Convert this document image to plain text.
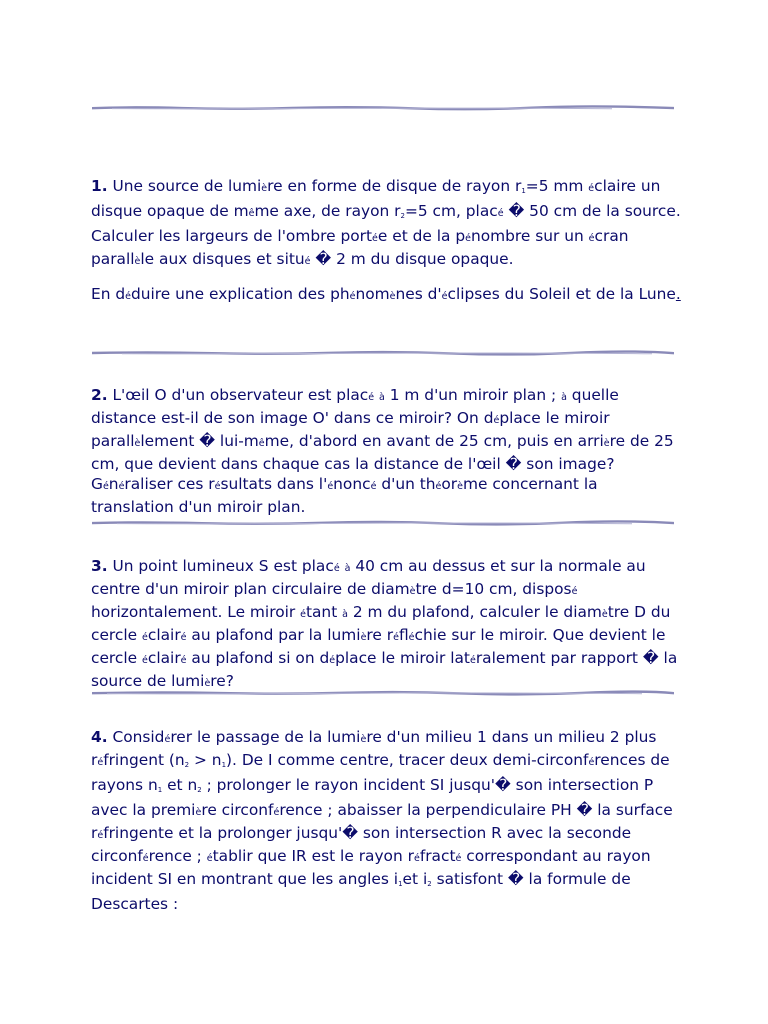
1. Une source de lumière en forme de disque de rayon r1=5 mm éclaire un disque opaque de même axe, de rayon r2=5 cm, placé � 50 cm de la source. Calculer les largeurs de l'ombre portée et de la pénombre sur un écran parallèle aux disques et situé � 2 m du disque opaque.

En déduire une explication des phénomènes d'éclipses du Soleil et de la Lune.

2. L'œil O d'un observateur est placé à 1 m d'un miroir plan ; à quelle distance est-il de son image O' dans ce miroir? On déplace le miroir parallèlement � lui-même, d'abord en avant de 25 cm, puis en arrière de 25 cm, que devient dans chaque cas la distance de l'œil � son image? Généraliser ces résultats dans l'énoncé d'un théorème concernant la translation d'un miroir plan.

3. Un point lumineux S est placé à 40 cm au dessus et sur la normale au centre d'un miroir plan circulaire de diamètre d=10 cm, disposé horizontalement. Le miroir étant à 2 m du plafond, calculer le diamètre D du cercle éclairé au plafond par la lumière réfléchie sur le miroir. Que devient le cercle éclairé au plafond si on déplace le miroir latéralement par rapport � la source de lumière?

4. Considérer le passage de la lumière d'un milieu 1 dans un milieu 2 plus réfringent (n2 > n1). De I comme centre, tracer deux demi-circonférences de rayons n1 et n2 ; prolonger le rayon incident SI jusqu'� son intersection P avec la première circonférence ; abaisser la perpendiculaire PH � la surface réfringente et la prolonger jusqu'� son intersection R avec la seconde circonférence ; établir que IR est le rayon réfracté correspondant au rayon incident SI en montrant que les angles i1et i2 satisfont � la formule de Descartes :
